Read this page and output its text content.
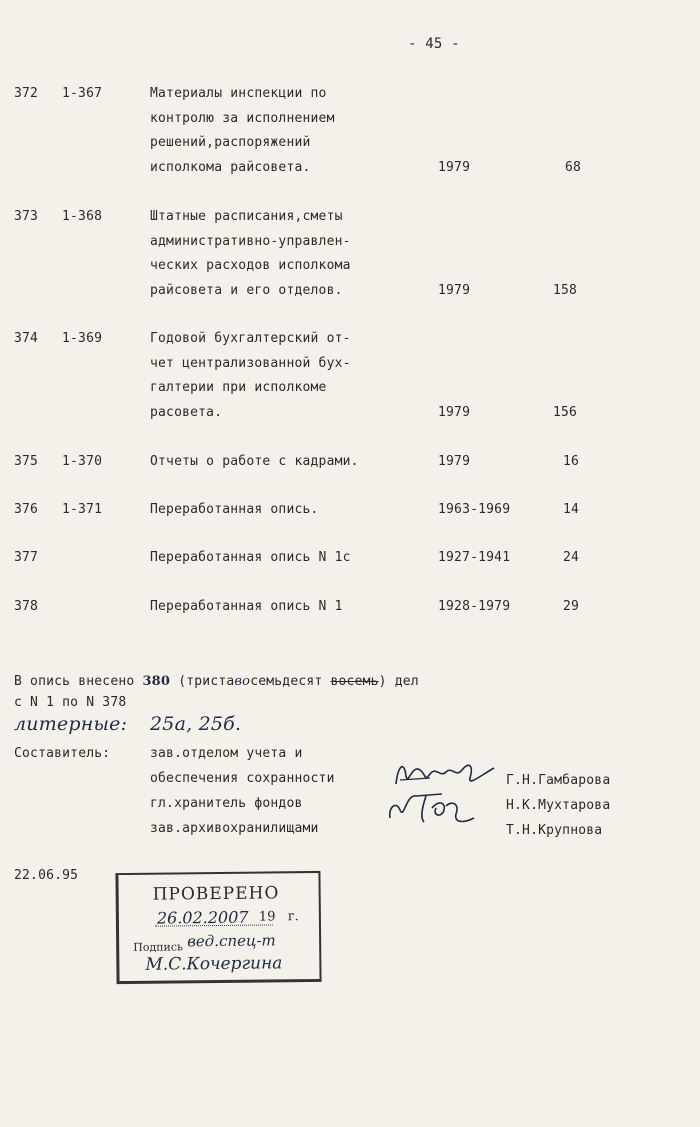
- 45 -
372 1-367	Материалы инспекции по
контролю за исполнением
решений,распоряжений
исполкома райсовета.	1979	68
373 1-368	Штатные расписания,сметы
административно-управлен-
ческих расходов исполкома
райсовета и его отделов.	1979	158
374 1-369	Годовой бухгалтерский от-
чет централизованной бух-
галтерии при исполкоме
расовета.	1979	156
375 1-370	Отчеты о работе с кадрами.	1979	16
376 1-371	Переработанная опись.	1963-1969	14
377	Переработанная опись N 1с	1927-1941	24
378	Переработанная опись N 1	1928-1979	29
В опись внесено 380 (триставосемьдесят восемь) дел
с N 1 по N 378
литерные: 25а, 25б.
Составитель:	зав.отделом учета и
обеспечения сохранности	Г.Н.Гамбарова
гл.хранитель фондов	Н.К.Мухтарова
зав.архивохранилищами	Т.Н.Крупнова
22.06.95
ПРОВЕРЕНО
26.02.2007 19   г.
Подпись вед.спец-т
М.С.Кочергина
